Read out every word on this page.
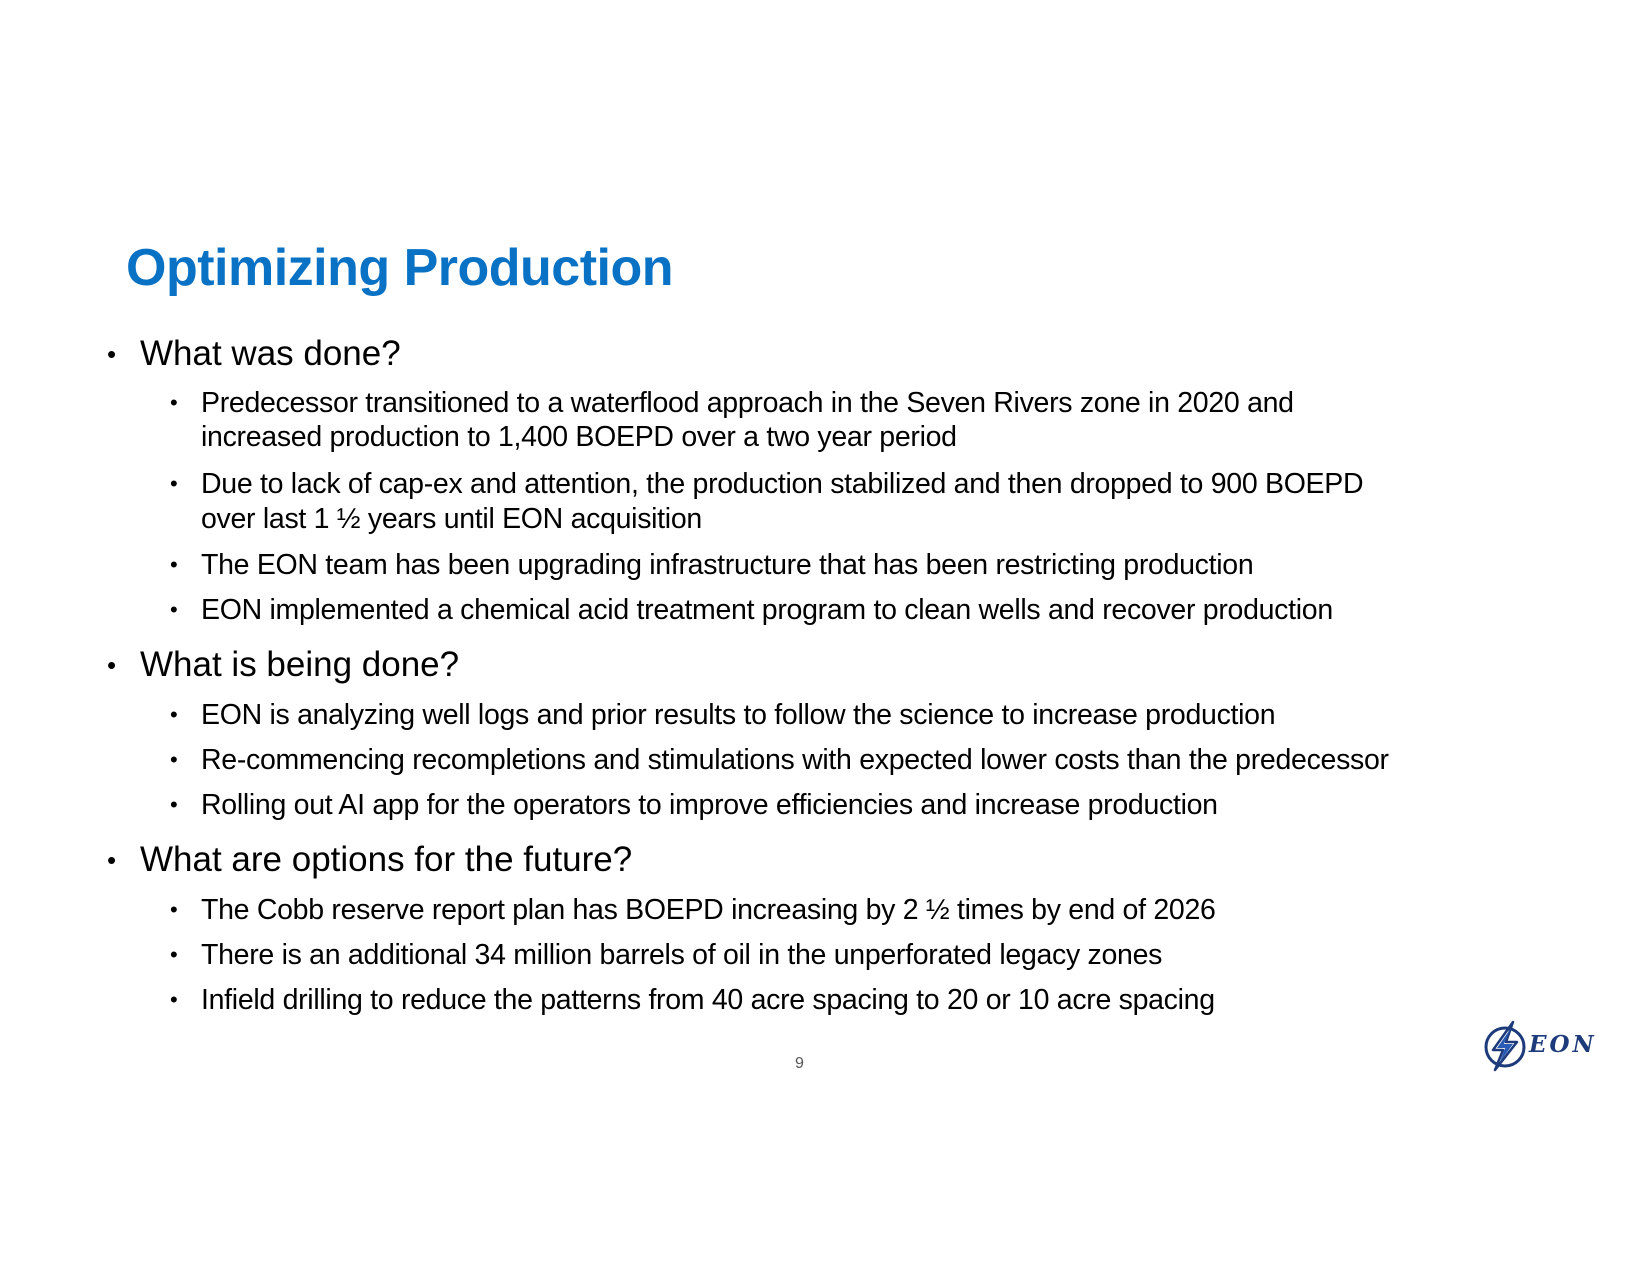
Optimizing Production
• What was done?
• Predecessor transitioned to a waterflood approach in the Seven Rivers zone in 2020 and
increased production to 1,400 BOEPD over a two year period
• Due to lack of cap-ex and attention, the production stabilized and then dropped to 900 BOEPD
over last 1 ½ years until EON acquisition
• The EON team has been upgrading infrastructure that has been restricting production
• EON implemented a chemical acid treatment program to clean wells and recover production
• What is being done?
• EON is analyzing well logs and prior results to follow the science to increase production
• Re-commencing recompletions and stimulations with expected lower costs than the predecessor
• Rolling out AI app for the operators to improve efficiencies and increase production
• What are options for the future?
• The Cobb reserve report plan has BOEPD increasing by 2 ½ times by end of 2026
• There is an additional 34 million barrels of oil in the unperforated legacy zones
• Infield drilling to reduce the patterns from 40 acre spacing to 20 or 10 acre spacing
9
EON
